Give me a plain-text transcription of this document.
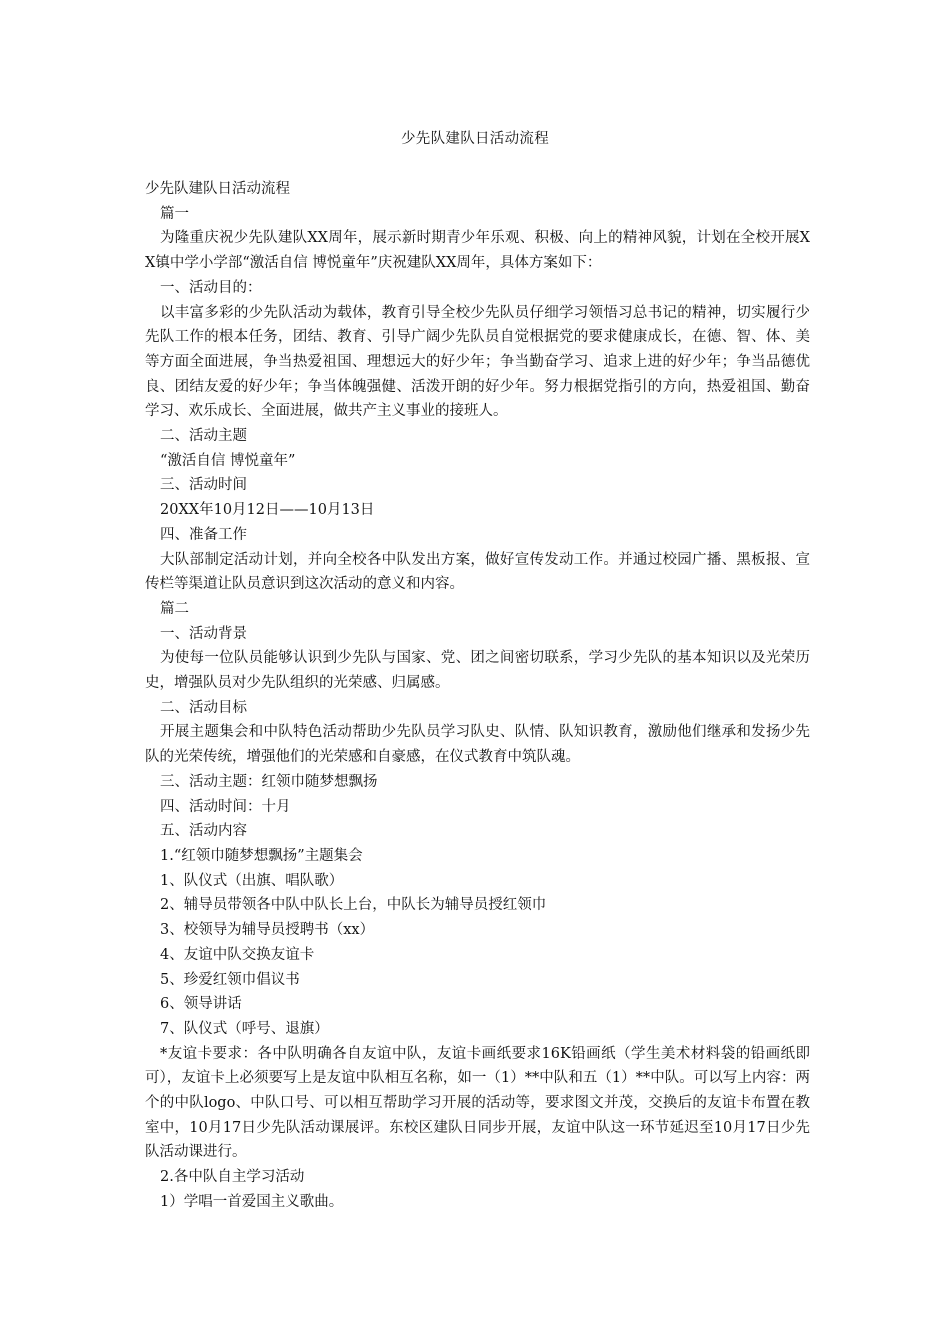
少先队建队日活动流程

少先队建队日活动流程

篇一

为隆重庆祝少先队建队XX周年，展示新时期青少年乐观、积极、向上的精神风貌，计划在全校开展XX镇中学小学部“激活自信 博悦童年”庆祝建队XX周年，具体方案如下：

一、活动目的：

以丰富多彩的少先队活动为载体，教育引导全校少先队员仔细学习领悟习总书记的精神，切实履行少先队工作的根本任务，团结、教育、引导广阔少先队员自觉根据党的要求健康成长，在德、智、体、美等方面全面进展，争当热爱祖国、理想远大的好少年；争当勤奋学习、追求上进的好少年；争当品德优良、团结友爱的好少年；争当体魄强健、活泼开朗的好少年。努力根据党指引的方向，热爱祖国、勤奋学习、欢乐成长、全面进展，做共产主义事业的接班人。

二、活动主题

“激活自信 博悦童年”

三、活动时间

20XX年10月12日——10月13日

四、准备工作

大队部制定活动计划，并向全校各中队发出方案，做好宣传发动工作。并通过校园广播、黑板报、宣传栏等渠道让队员意识到这次活动的意义和内容。

篇二

一、活动背景

为使每一位队员能够认识到少先队与国家、党、团之间密切联系，学习少先队的基本知识以及光荣历史，增强队员对少先队组织的光荣感、归属感。

二、活动目标

开展主题集会和中队特色活动帮助少先队员学习队史、队情、队知识教育，激励他们继承和发扬少先队的光荣传统，增强他们的光荣感和自豪感，在仪式教育中筑队魂。

三、活动主题：红领巾随梦想飘扬

四、活动时间：十月

五、活动内容

1.“红领巾随梦想飘扬”主题集会

1、队仪式（出旗、唱队歌）

2、辅导员带领各中队中队长上台，中队长为辅导员授红领巾

3、校领导为辅导员授聘书（xx）

4、友谊中队交换友谊卡

5、珍爱红领巾倡议书

6、领导讲话

7、队仪式（呼号、退旗）

*友谊卡要求：各中队明确各自友谊中队，友谊卡画纸要求16K铅画纸（学生美术材料袋的铅画纸即可），友谊卡上必须要写上是友谊中队相互名称，如一（1）**中队和五（1）**中队。可以写上内容：两个的中队logo、中队口号、可以相互帮助学习开展的活动等，要求图文并茂，交换后的友谊卡布置在教室中，10月17日少先队活动课展评。东校区建队日同步开展，友谊中队这一环节延迟至10月17日少先队活动课进行。

2.各中队自主学习活动

1）学唱一首爱国主义歌曲。
